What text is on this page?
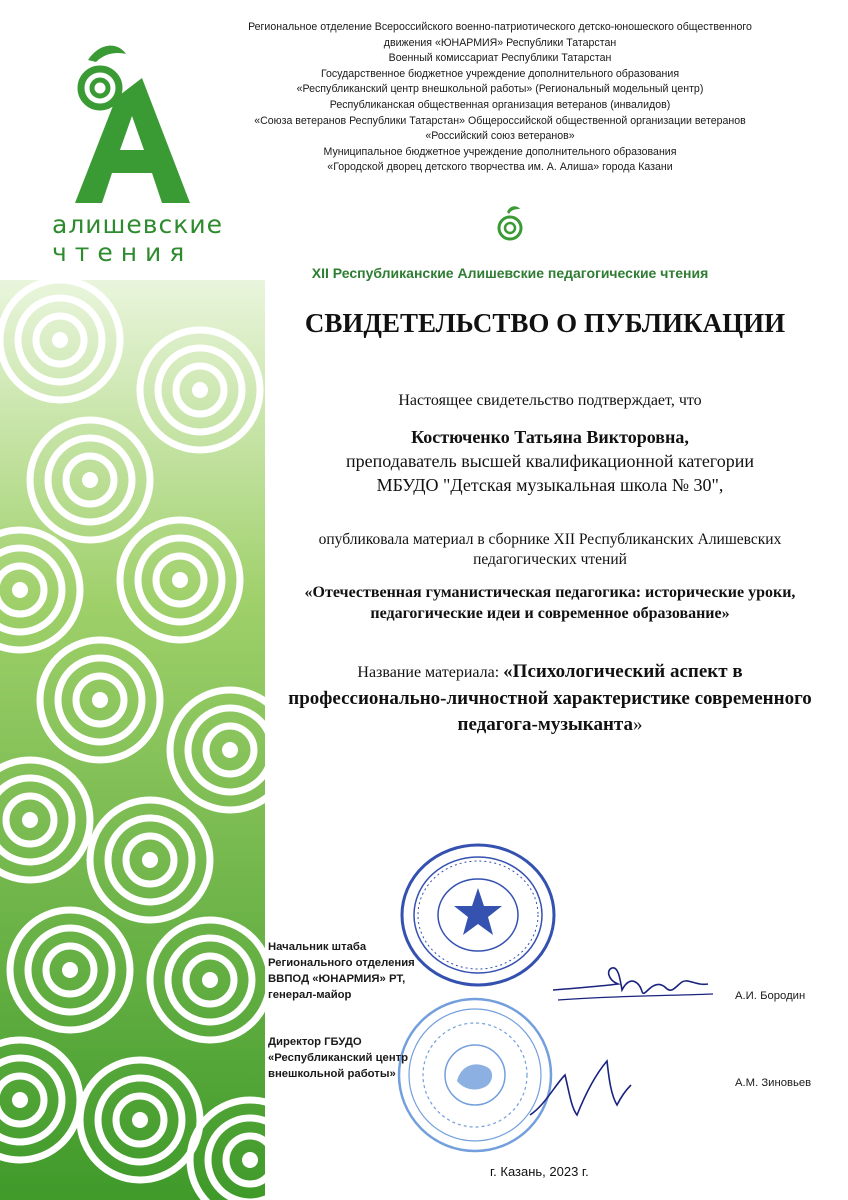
алишевские
чтения
Региональное отделение Всероссийского военно-патриотического детско-юношеского общественного
движения «ЮНАРМИЯ» Республики Татарстан
Военный комиссариат Республики Татарстан
Государственное бюджетное учреждение дополнительного образования
«Республиканский центр внешкольной работы» (Региональный модельный центр)
Республиканская общественная организация ветеранов (инвалидов)
«Союза ветеранов Республики Татарстан» Общероссийской общественной организации ветеранов
«Российский союз ветеранов»
Муниципальное бюджетное учреждение дополнительного образования
«Городской дворец детского творчества им. А. Алиша» города Казани
XII Республиканские Алишевские педагогические чтения
СВИДЕТЕЛЬСТВО О ПУБЛИКАЦИИ
Настоящее свидетельство подтверждает, что
Костюченко Татьяна Викторовна,
преподаватель высшей квалификационной категории
МБУДО "Детская музыкальная школа № 30",
опубликовала материал в сборнике XII Республиканских Алишевских
педагогических чтений
«Отечественная гуманистическая педагогика: исторические уроки,
педагогические идеи и современное образование»
Название материала: «Психологический аспект в
профессионально-личностной характеристике современного
педагога-музыканта»
Начальник штаба
Регионального отделения
ВВПОД «ЮНАРМИЯ» РТ,
генерал-майор	А.И. Бородин
Директор ГБУДО
«Республиканский центр
внешкольной работы»
А.М. Зиновьев
г. Казань, 2023 г.
